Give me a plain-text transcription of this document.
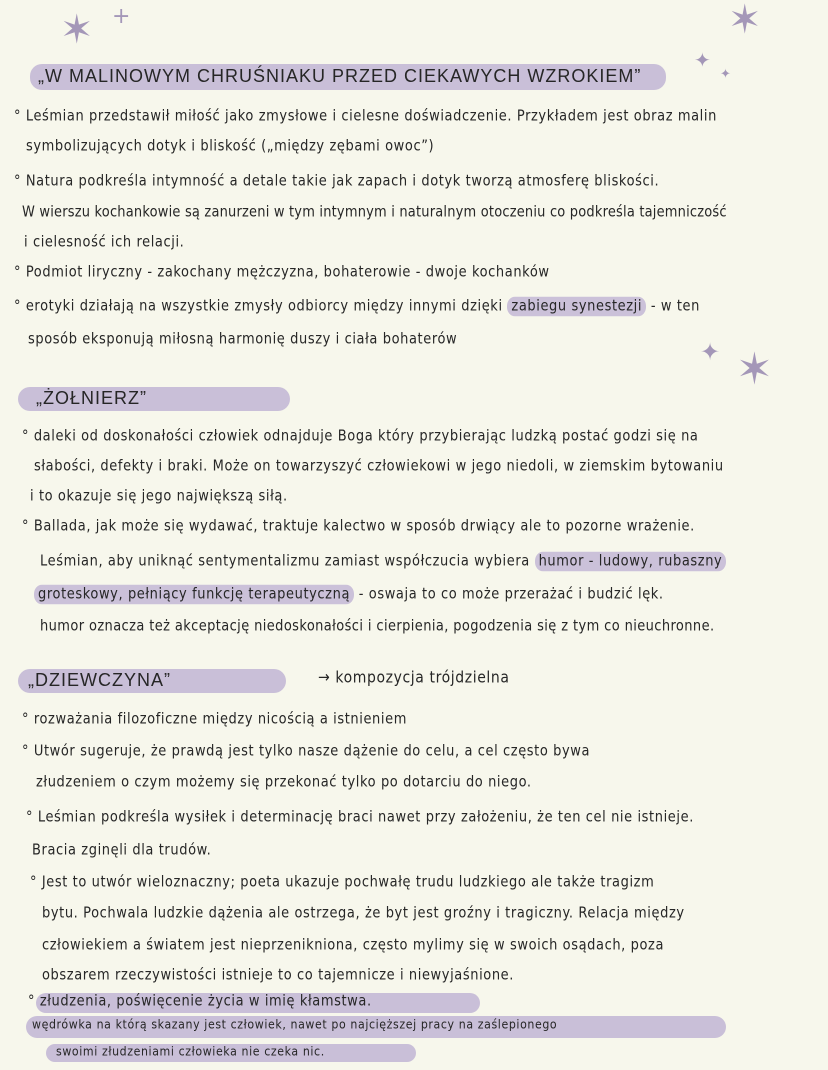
✶ +	✶
✦
✦
✦ ✶
„W MALINOWYM CHRUŚNIAKU PRZED CIEKAWYCH WZROKIEM”
° Leśmian przedstawił miłość jako zmysłowe i cielesne doświadczenie. Przykładem jest obraz malin
symbolizujących dotyk i bliskość („między zębami owoc”)
° Natura podkreśla intymność a detale takie jak zapach i dotyk tworzą atmosferę bliskości.
W wierszu kochankowie są zanurzeni w tym intymnym i naturalnym otoczeniu co podkreśla tajemniczość
i cielesność ich relacji.
° Podmiot liryczny - zakochany mężczyzna, bohaterowie - dwoje kochanków
° erotyki działają na wszystkie zmysły odbiorcy między innymi dzięki zabiegu synestezji - w ten
sposób eksponują miłosną harmonię duszy i ciała bohaterów
„ŻOŁNIERZ”
° daleki od doskonałości człowiek odnajduje Boga który przybierając ludzką postać godzi się na
słabości, defekty i braki. Może on towarzyszyć człowiekowi w jego niedoli, w ziemskim bytowaniu
i to okazuje się jego największą siłą.
° Ballada, jak może się wydawać, traktuje kalectwo w sposób drwiący ale to pozorne wrażenie.
Leśmian, aby uniknąć sentymentalizmu zamiast współczucia wybiera humor - ludowy, rubaszny
groteskowy, pełniący funkcję terapeutyczną - oswaja to co może przerażać i budzić lęk.
humor oznacza też akceptację niedoskonałości i cierpienia, pogodzenia się z tym co nieuchronne.
„DZIEWCZYNA”	→ kompozycja trójdzielna
° rozważania filozoficzne między nicością a istnieniem
° Utwór sugeruje, że prawdą jest tylko nasze dążenie do celu, a cel często bywa
złudzeniem o czym możemy się przekonać tylko po dotarciu do niego.
° Leśmian podkreśla wysiłek i determinację braci nawet przy założeniu, że ten cel nie istnieje.
Bracia zginęli dla trudów.
° Jest to utwór wieloznaczny; poeta ukazuje pochwałę trudu ludzkiego ale także tragizm
bytu. Pochwala ludzkie dążenia ale ostrzega, że byt jest groźny i tragiczny. Relacja między
człowiekiem a światem jest nieprzenikniona, często mylimy się w swoich osądach, poza
obszarem rzeczywistości istnieje to co tajemnicze i niewyjaśnione.
° złudzenia, poświęcenie życia w imię kłamstwa.
wędrówka na którą skazany jest człowiek, nawet po najcięższej pracy na zaślepionego
swoimi złudzeniami człowieka nie czeka nic.
